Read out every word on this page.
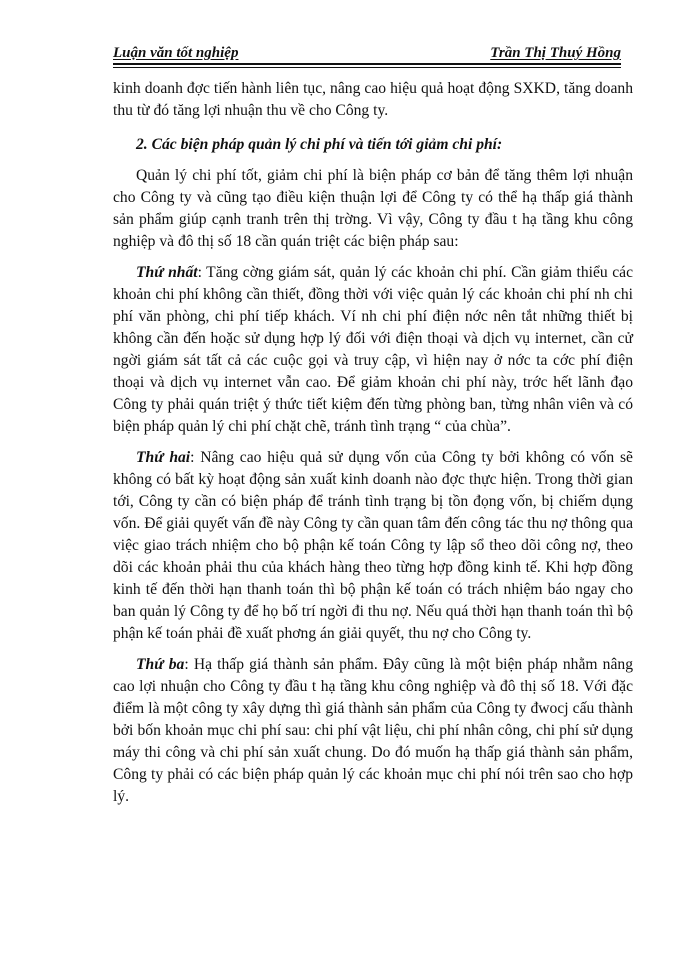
Luận văn tốt nghiệp	Trần Thị Thuý Hồng

kinh doanh đợc tiến hành liên tục, nâng cao hiệu quả hoạt động SXKD, tăng doanh thu từ đó tăng lợi nhuận thu về cho Công ty.

2. Các biện pháp quản lý chi phí và tiến tới giảm chi phí:

Quản lý chi phí tốt, giảm chi phí là biện pháp cơ bản để tăng thêm lợi nhuận cho Công ty và cũng tạo điều kiện thuận lợi để Công ty có thể hạ thấp giá thành sản phẩm giúp cạnh tranh trên thị trờng. Vì vậy, Công ty đầu t hạ tầng khu công nghiệp và đô thị số 18 cần quán triệt các biện pháp sau:

Thứ nhất: Tăng cờng giám sát, quản lý các khoản chi phí. Cần giảm thiểu các khoản chi phí không cần thiết, đồng thời với việc quản lý các khoản chi phí nh chi phí văn phòng, chi phí tiếp khách. Ví nh chi phí điện nớc nên tắt những thiết bị không cần đến hoặc sử dụng hợp lý đối với điện thoại và dịch vụ internet, cần cử ngời giám sát tất cả các cuộc gọi và truy cập, vì hiện nay ở nớc ta cớc phí điện thoại và dịch vụ internet vẫn cao. Để giảm khoản chi phí này, trớc hết lãnh đạo Công ty phải quán triệt ý thức tiết kiệm đến từng phòng ban, từng nhân viên và có biện pháp quản lý chi phí chặt chẽ, tránh tình trạng “ của chùa”.

Thứ hai: Nâng cao hiệu quả sử dụng vốn của Công ty bởi không có vốn sẽ không có bất kỳ hoạt động sản xuất kinh doanh nào đợc thực hiện. Trong thời gian tới, Công ty cần có biện pháp để tránh tình trạng bị tồn đọng vốn, bị chiếm dụng vốn. Để giải quyết vấn đề này Công ty cần quan tâm đến công tác thu nợ thông qua việc giao trách nhiệm cho bộ phận kế toán Công ty lập sổ theo dõi công nợ, theo dõi các khoản phải thu của khách hàng theo từng hợp đồng kinh tế. Khi hợp đồng kinh tế đến thời hạn thanh toán thì bộ phận kế toán có trách nhiệm báo ngay cho ban quản lý Công ty để họ bố trí ngời đi thu nợ. Nếu quá thời hạn thanh toán thì bộ phận kế toán phải đề xuất phơng án giải quyết, thu nợ cho Công ty.

Thứ ba: Hạ thấp giá thành sản phẩm. Đây cũng là một biện pháp nhằm nâng cao lợi nhuận cho Công ty đầu t hạ tầng khu công nghiệp và đô thị số 18. Với đặc điểm là một công ty xây dựng thì giá thành sản phẩm của Công ty đwocj cấu thành bởi bốn khoản mục chi phí sau: chi phí vật liệu, chi phí nhân công, chi phí sử dụng máy thi công và chi phí sản xuất chung. Do đó muốn hạ thấp giá thành sản phẩm, Công ty phải có các biện pháp quản lý các khoản mục chi phí nói trên sao cho hợp lý.
